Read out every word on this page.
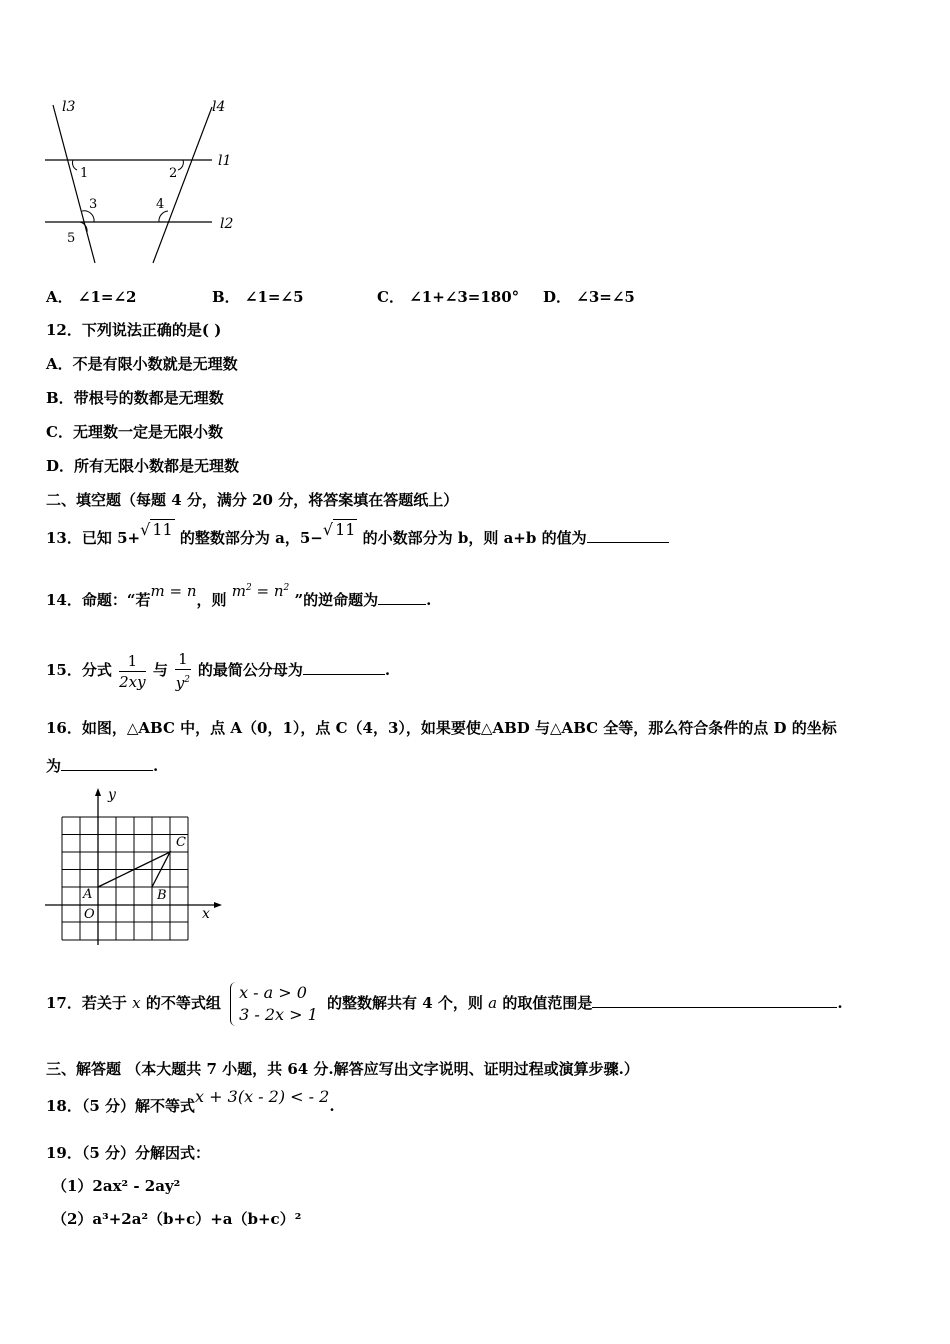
l3	l4
l1
l2
1	2
3	4
5
A． ∠1=∠2	B． ∠1=∠5	C． ∠1+∠3=180° D． ∠3=∠5
12．下列说法正确的是( )
A．不是有限小数就是无理数
B．带根号的数都是无理数
C．无理数一定是无限小数
D．所有无限小数都是无理数
二、填空题（每题 4 分，满分 20 分，将答案填在答题纸上）
13．已知 5+√ 11 的整数部分为 a，5−√ 11 的小数部分为 b，则 a+b 的值为
14．命题：“若m = n，则 $m^2 = n^2$ ”的逆命题为	.
15．分式 $\frac{1}{2xy}$ 与 $\frac{1}{y^2}$ 的最简公分母为	.
16．如图，△ABC 中，点 A（0，1），点 C（4，3），如果要使△ABD 与△ABC 全等，那么符合条件的点 D 的坐标
为	.
y
x
A	B
C
O
17．若关于 x 的不等式组
x - a > 0
3 - 2x > 1
的整数解共有 4 个，则 a 的取值范围是	.
三、解答题 （本大题共 7 小题，共 64 分.解答应写出文字说明、证明过程或演算步骤.）
18．（5 分）解不等式x + 3(x - 2) < - 2.
19．（5 分）分解因式：
（1）2ax² - 2ay²
（2）a³+2a²（b+c）+a（b+c）²
